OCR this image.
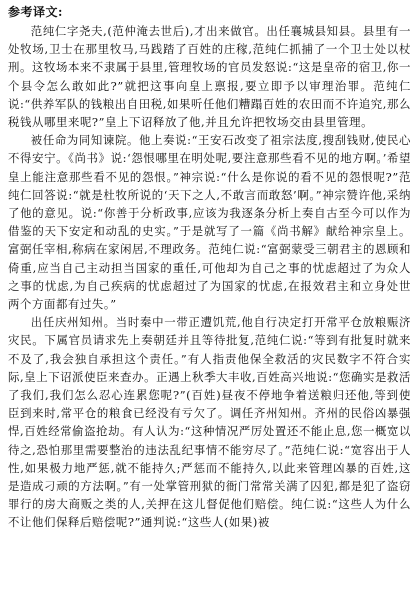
参考译文:

范纯仁字尧夫,(范仲淹去世后),才出来做官。出任襄城县知县。县里有一处牧场,卫士在那里牧马,马践踏了百姓的庄稼,范纯仁抓捕了一个卫士处以杖刑。这牧场本来不隶属于县里,管理牧场的官员发怒说:“这是皇帝的宿卫,你一个县令怎么敢如此?”就把这事向皇上禀报,要立即予以审理治罪。范纯仁说:“供养军队的钱粮出自田税,如果听任他们糟蹋百姓的农田而不许追究,那么税钱从哪里来呢?”皇上下诏释放了他,并且允许把牧场交由县里管理。

被任命为同知谏院。他上奏说:“王安石改变了祖宗法度,搜刮钱财,使民心不得安宁。《尚书》说:‘怨恨哪里在明处呢,要注意那些看不见的地方啊。’希望皇上能注意那些看不见的怨恨。”神宗说:“什么是你说的看不见的怨恨呢?”范纯仁回答说:“就是杜牧所说的‘天下之人,不敢言而敢怒’啊。”神宗赞许他,采纳了他的意见。说:“你善于分析政事,应该为我逐条分析上奏自古至今可以作为借鉴的天下安定和动乱的史实。”于是就写了一篇《尚书解》献给神宗皇上。富弼任宰相,称病在家闲居,不理政务。范纯仁说:“富弼蒙受三朝君主的恩顾和倚重,应当自己主动担当国家的重任,可他却为自己之事的忧虑超过了为众人之事的忧虑,为自己疾病的忧虑超过了为国家的忧虑,在报效君主和立身处世两个方面都有过失。”

出任庆州知州。当时秦中一带正遭饥荒,他自行决定打开常平仓放粮赈济灾民。下属官员请求先上奏朝廷并且等待批复,范纯仁说:“等到有批复时就来不及了,我会独自承担这个责任。”有人指责他保全救活的灾民数字不符合实际,皇上下诏派使臣来查办。正遇上秋季大丰收,百姓高兴地说:“您确实是救活了我们,我们怎么忍心连累您呢?”(百姓)昼夜不停地争着送粮归还他,等到使臣到来时,常平仓的粮食已经没有亏欠了。调任齐州知州。齐州的民俗凶暴强悍,百姓经常偷盗抢劫。有人认为:“这种情况严厉处置还不能止息,您一概宽以待之,恐怕那里需要整治的违法乱纪事情不能穷尽了。”范纯仁说:“宽容出于人性,如果极力地严惩,就不能持久;严惩而不能持久,以此来管理凶暴的百姓,这是造成刁顽的方法啊。”有一处掌管刑狱的衙门常常关满了囚犯,都是犯了盗窃罪行的房大商贩之类的人,关押在这儿督促他们赔偿。纯仁说:“这些人为什么不让他们保释后赔偿呢?”通判说:“这些人(如果)被
